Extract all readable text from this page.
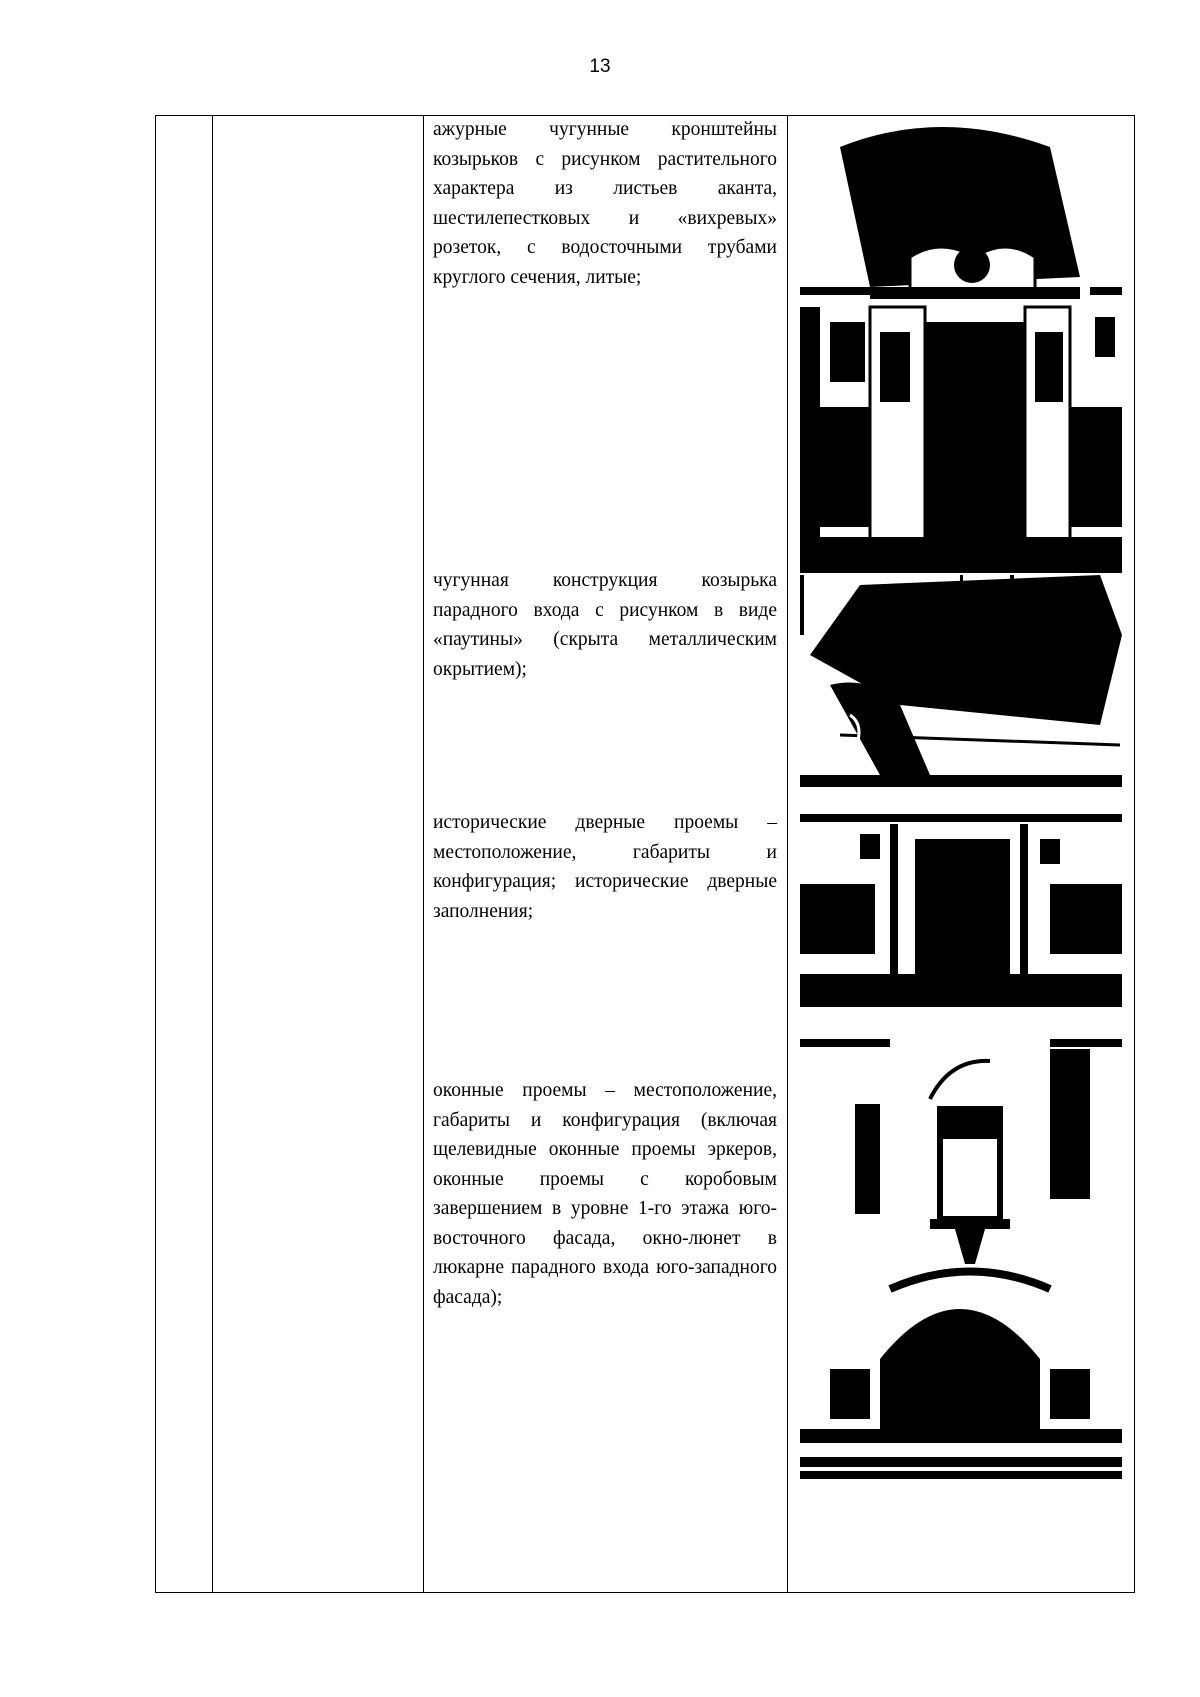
13
ажурные чугунные кронштейны козырьков с рисунком растительного характера из листьев аканта, шестилепестковых и «вихревых» розеток, с водосточными трубами круглого сечения, литые;
чугунная конструкция козырька парадного входа с рисунком в виде «паутины» (скрыта металлическим окрытием);
исторические дверные проемы – местоположение, габариты и конфигурация; исторические дверные заполнения;
оконные проемы – местоположение, габариты и конфигурация (включая щелевидные оконные проемы эркеров, оконные проемы с коробовым завершением в уровне 1-го этажа юго- восточного фасада, окно-люнет в люкарне парадного входа юго-западного фасада);
